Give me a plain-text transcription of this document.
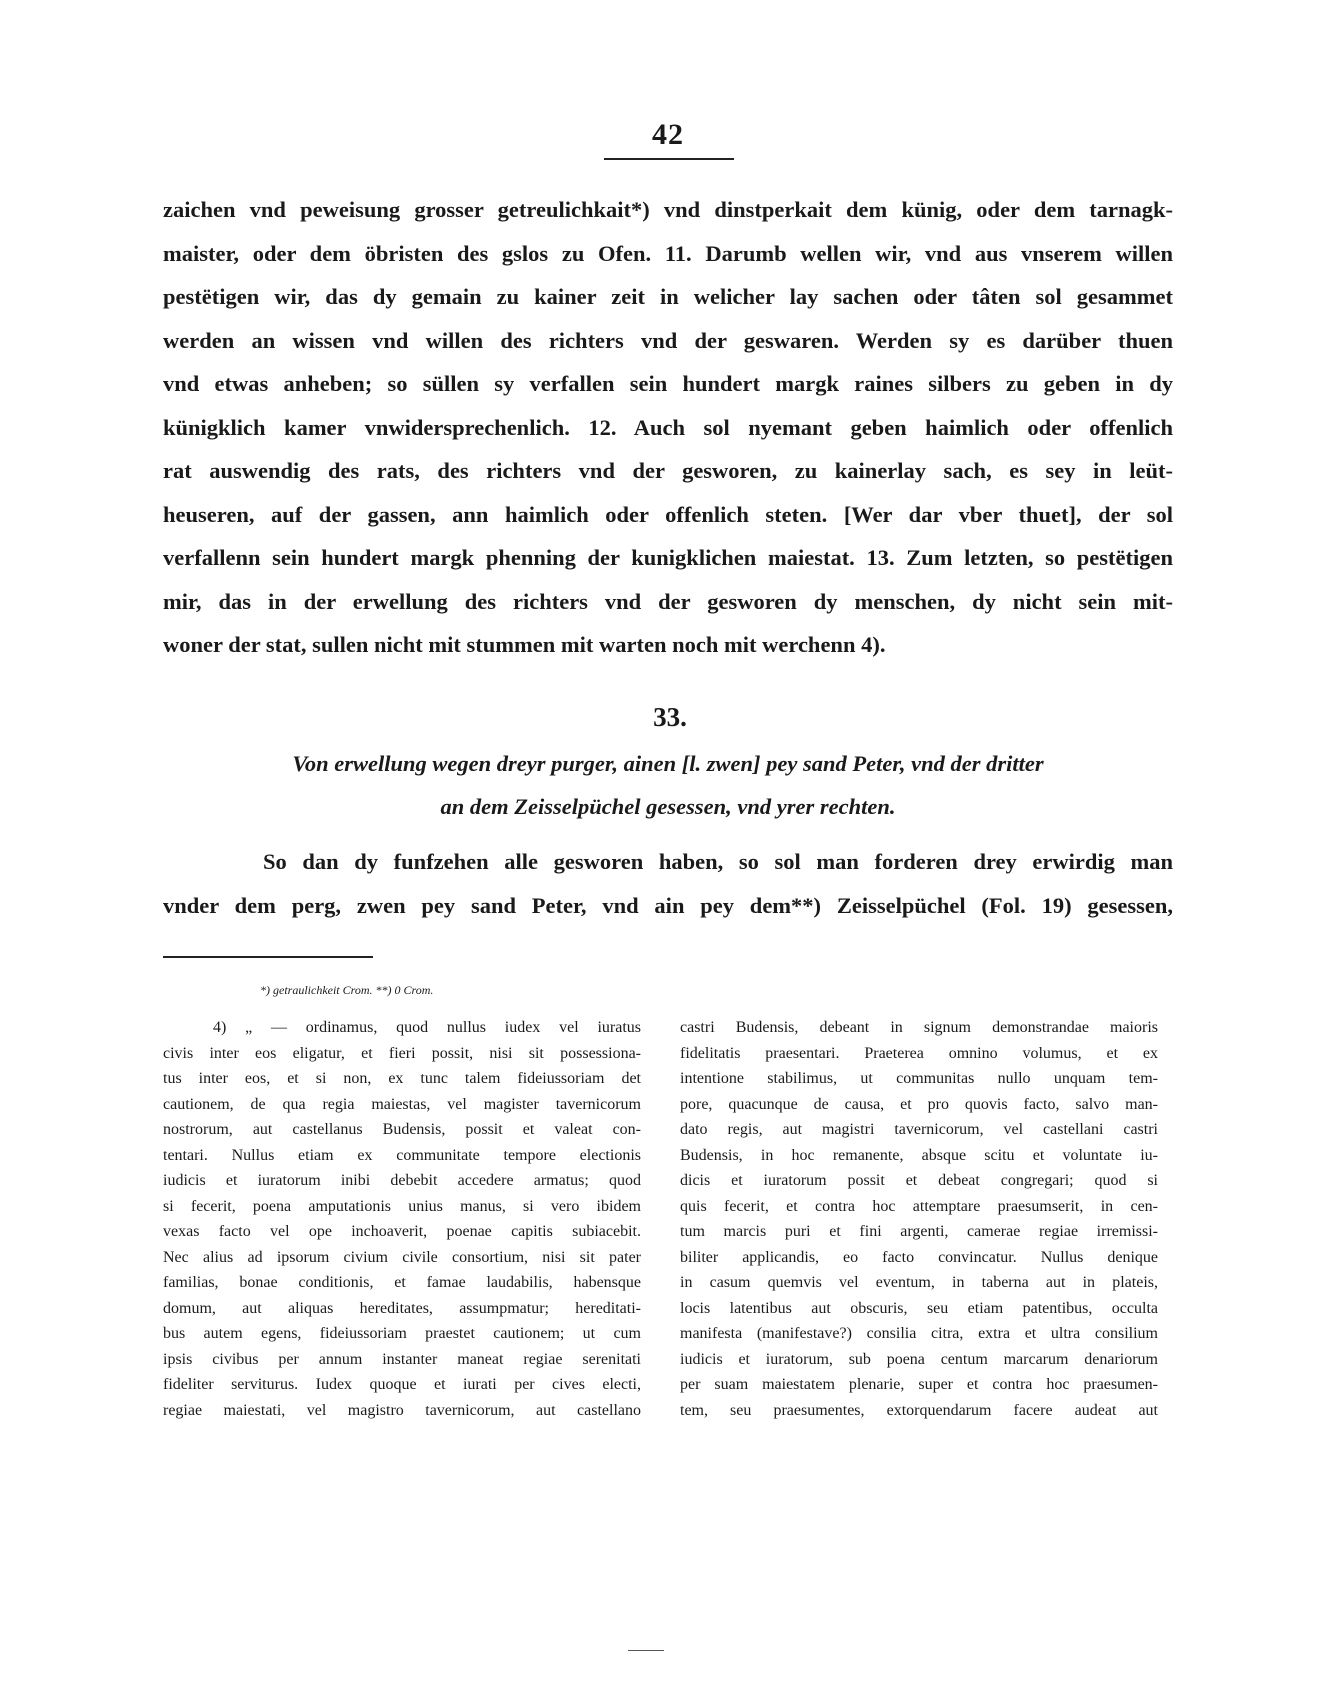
42
zaichen vnd peweisung grosser getreulichkait*) vnd dinstperkait dem künig, oder dem tarnagk-
maister, oder dem öbristen des gslos zu Ofen. 11. Darumb wellen wir, vnd aus vnserem willen
pestëtigen wir, das dy gemain zu kainer zeit in welicher lay sachen oder tâten sol gesammet
werden an wissen vnd willen des richters vnd der geswaren. Werden sy es darüber thuen
vnd etwas anheben; so süllen sy verfallen sein hundert margk raines silbers zu geben in dy
künigklich kamer vnwidersprechenlich. 12. Auch sol nyemant geben haimlich oder offenlich
rat auswendig des rats, des richters vnd der gesworen, zu kainerlay sach, es sey in leüt-
heuseren, auf der gassen, ann haimlich oder offenlich steten. [Wer dar vber thuet], der sol
verfallenn sein hundert margk phenning der kunigklichen maiestat. 13. Zum letzten, so pestëtigen
mir, das in der erwellung des richters vnd der gesworen dy menschen, dy nicht sein mit-
woner der stat, sullen nicht mit stummen mit warten noch mit werchenn 4).
33.
Von erwellung wegen dreyr purger, ainen [l. zwen] pey sand Peter, vnd der dritter
an dem Zeisselpüchel gesessen, vnd yrer rechten.
So dan dy funfzehen alle gesworen haben, so sol man forderen drey erwirdig man
vnder dem perg, zwen pey sand Peter, vnd ain pey dem**) Zeisselpüchel (Fol. 19) gesessen,
*) getraulichkeit Crom. **) 0 Crom.
4) „ — ordinamus, quod nullus iudex vel iuratus
civis inter eos eligatur, et fieri possit, nisi sit possessiona-
tus inter eos, et si non, ex tunc talem fideiussoriam det
cautionem, de qua regia maiestas, vel magister tavernicorum
nostrorum, aut castellanus Budensis, possit et valeat con-
tentari. Nullus etiam ex communitate tempore electionis
iudicis et iuratorum inibi debebit accedere armatus; quod
si fecerit, poena amputationis unius manus, si vero ibidem
vexas facto vel ope inchoaverit, poenae capitis subiacebit.
Nec alius ad ipsorum civium civile consortium, nisi sit pater
familias, bonae conditionis, et famae laudabilis, habensque
domum, aut aliquas hereditates, assumpmatur; hereditati-
bus autem egens, fideiussoriam praestet cautionem; ut cum
ipsis civibus per annum instanter maneat regiae serenitati
fideliter serviturus. Iudex quoque et iurati per cives electi,
regiae maiestati, vel magistro tavernicorum, aut castellano
castri Budensis, debeant in signum demonstrandae maioris
fidelitatis praesentari. Praeterea omnino volumus, et ex
intentione stabilimus, ut communitas nullo unquam tem-
pore, quacunque de causa, et pro quovis facto, salvo man-
dato regis, aut magistri tavernicorum, vel castellani castri
Budensis, in hoc remanente, absque scitu et voluntate iu-
dicis et iuratorum possit et debeat congregari; quod si
quis fecerit, et contra hoc attemptare praesumserit, in cen-
tum marcis puri et fini argenti, camerae regiae irremissi-
biliter applicandis, eo facto convincatur. Nullus denique
in casum quemvis vel eventum, in taberna aut in plateis,
locis latentibus aut obscuris, seu etiam patentibus, occulta
manifesta (manifestave?) consilia citra, extra et ultra consilium
iudicis et iuratorum, sub poena centum marcarum denariorum
per suam maiestatem plenarie, super et contra hoc praesumen-
tem, seu praesumentes, extorquendarum facere audeat aut
